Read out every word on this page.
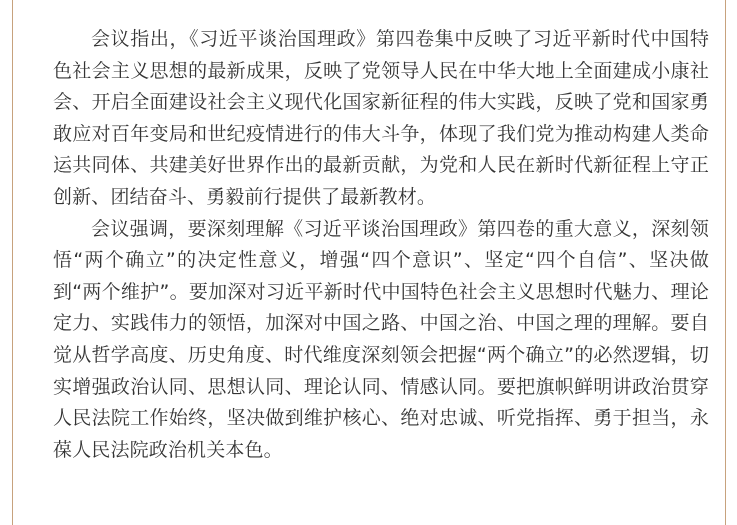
会议指出，《习近平谈治国理政》第四卷集中反映了习近平新时代中国特色社会主义思想的最新成果，反映了党领导人民在中华大地上全面建成小康社会、开启全面建设社会主义现代化国家新征程的伟大实践，反映了党和国家勇敢应对百年变局和世纪疫情进行的伟大斗争，体现了我们党为推动构建人类命运共同体、共建美好世界作出的最新贡献，为党和人民在新时代新征程上守正创新、团结奋斗、勇毅前行提供了最新教材。

会议强调，要深刻理解《习近平谈治国理政》第四卷的重大意义，深刻领悟“两个确立”的决定性意义，增强“四个意识”、坚定“四个自信”、坚决做到“两个维护”。要加深对习近平新时代中国特色社会主义思想时代魅力、理论定力、实践伟力的领悟，加深对中国之路、中国之治、中国之理的理解。要自觉从哲学高度、历史角度、时代维度深刻领会把握“两个确立”的必然逻辑，切实增强政治认同、思想认同、理论认同、情感认同。要把旗帜鲜明讲政治贯穿人民法院工作始终，坚决做到维护核心、绝对忠诚、听党指挥、勇于担当，永葆人民法院政治机关本色。
